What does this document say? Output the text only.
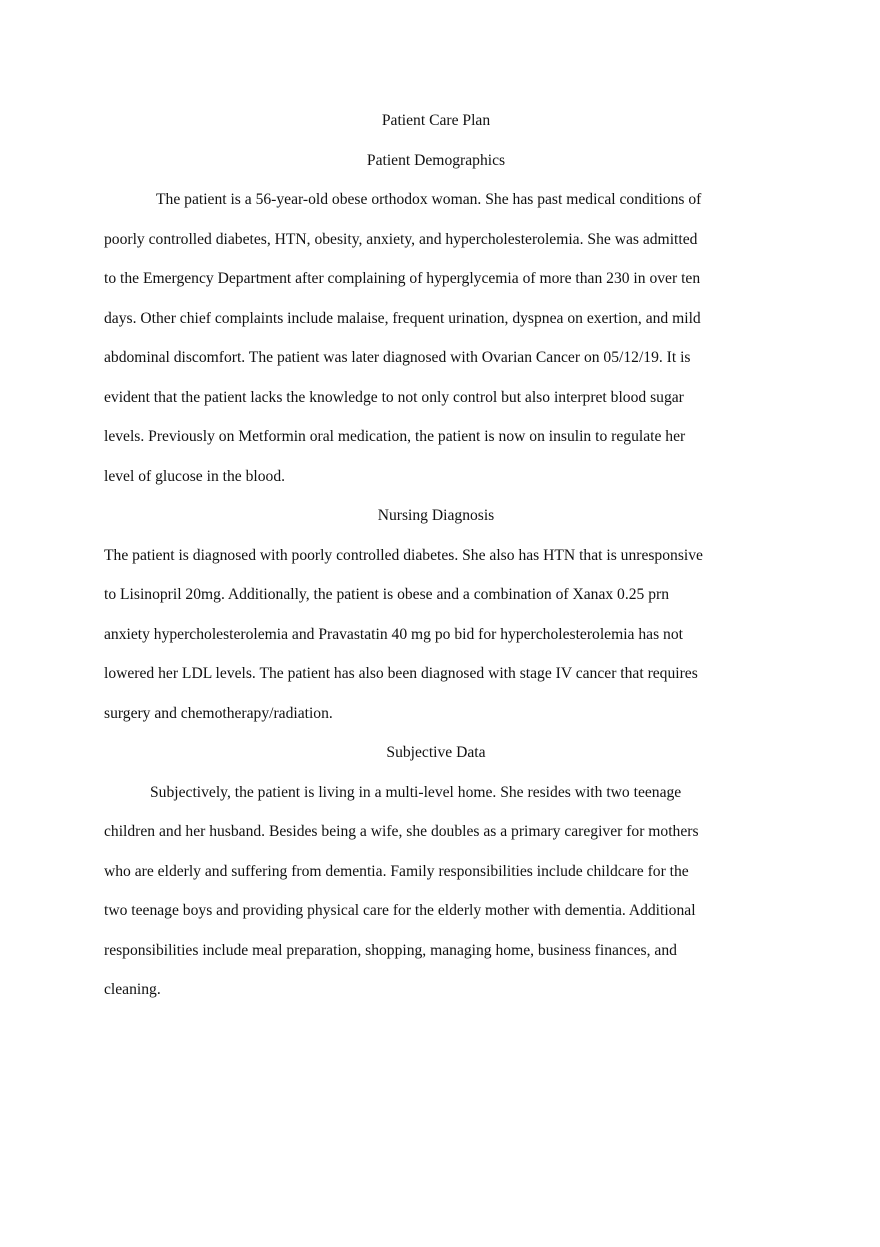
Patient Care Plan
Patient Demographics

The patient is a 56-year-old obese orthodox woman. She has past medical conditions of
poorly controlled diabetes, HTN, obesity, anxiety, and hypercholesterolemia. She was admitted
to the Emergency Department after complaining of hyperglycemia of more than 230 in over ten
days. Other chief complaints include malaise, frequent urination, dyspnea on exertion, and mild
abdominal discomfort. The patient was later diagnosed with Ovarian Cancer on 05/12/19. It is
evident that the patient lacks the knowledge to not only control but also interpret blood sugar
levels. Previously on Metformin oral medication, the patient is now on insulin to regulate her
level of glucose in the blood.

Nursing Diagnosis

The patient is diagnosed with poorly controlled diabetes. She also has HTN that is unresponsive
to Lisinopril 20mg. Additionally, the patient is obese and a combination of Xanax 0.25 prn
anxiety hypercholesterolemia and Pravastatin 40 mg po bid for hypercholesterolemia has not
lowered her LDL levels. The patient has also been diagnosed with stage IV cancer that requires
surgery and chemotherapy/radiation.

Subjective Data

Subjectively, the patient is living in a multi-level home. She resides with two teenage
children and her husband. Besides being a wife, she doubles as a primary caregiver for mothers
who are elderly and suffering from dementia. Family responsibilities include childcare for the
two teenage boys and providing physical care for the elderly mother with dementia. Additional
responsibilities include meal preparation, shopping, managing home, business finances, and
cleaning.
